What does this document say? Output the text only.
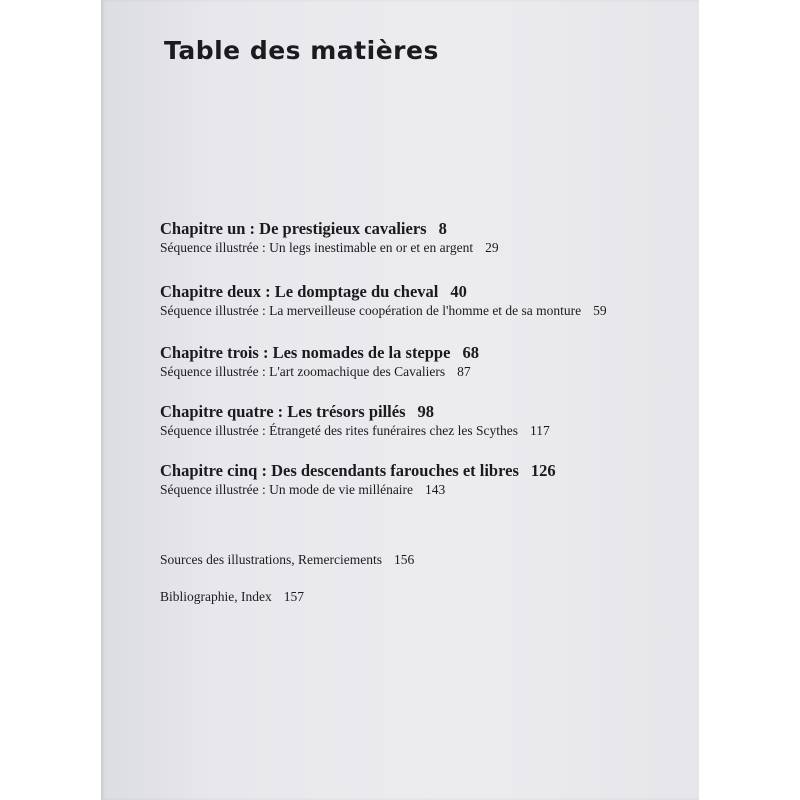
Table des matières
Chapitre un : De prestigieux cavaliers 8
Séquence illustrée : Un legs inestimable en or et en argent 29
Chapitre deux : Le domptage du cheval 40
Séquence illustrée : La merveilleuse coopération de l'homme et de sa monture 59
Chapitre trois : Les nomades de la steppe 68
Séquence illustrée : L'art zoomachique des Cavaliers 87
Chapitre quatre : Les trésors pillés 98
Séquence illustrée : Étrangeté des rites funéraires chez les Scythes 117
Chapitre cinq : Des descendants farouches et libres 126
Séquence illustrée : Un mode de vie millénaire 143
Sources des illustrations, Remerciements 156
Bibliographie, Index 157
